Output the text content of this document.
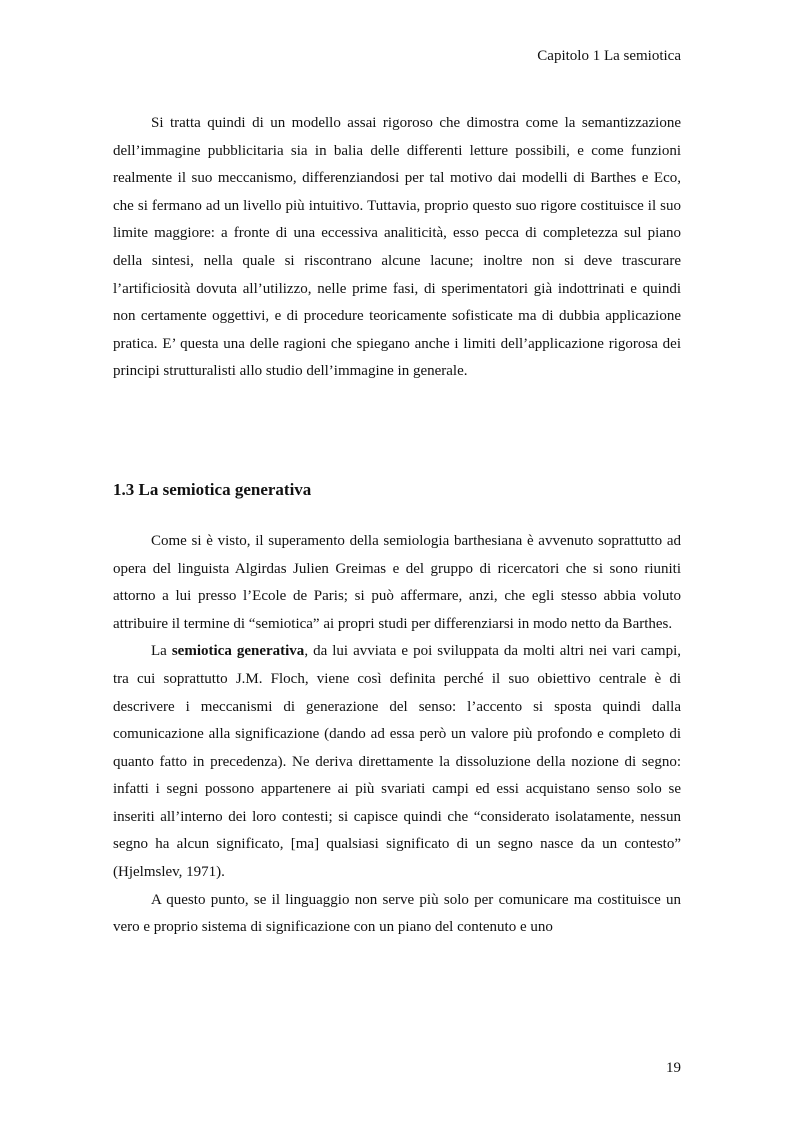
Capitolo 1 La semiotica

Si tratta quindi di un modello assai rigoroso che dimostra come la semantizzazione dell’immagine pubblicitaria sia in balia delle differenti letture possibili, e come funzioni realmente il suo meccanismo, differenziandosi per tal motivo dai modelli di Barthes e Eco, che si fermano ad un livello più intuitivo. Tuttavia, proprio questo suo rigore costituisce il suo limite maggiore: a fronte di una eccessiva analiticità, esso pecca di completezza sul piano della sintesi, nella quale si riscontrano alcune lacune; inoltre non si deve trascurare l’artificiosità dovuta all’utilizzo, nelle prime fasi, di sperimentatori già indottrinati e quindi non certamente oggettivi, e di procedure teoricamente sofisticate ma di dubbia applicazione pratica. E’ questa una delle ragioni che spiegano anche i limiti dell’applicazione rigorosa dei principi strutturalisti allo studio dell’immagine in generale.

1.3 La semiotica generativa

Come si è visto, il superamento della semiologia barthesiana è avvenuto soprattutto ad opera del linguista Algirdas Julien Greimas e del gruppo di ricercatori che si sono riuniti attorno a lui presso l’Ecole de Paris; si può affermare, anzi, che egli stesso abbia voluto attribuire il termine di “semiotica” ai propri studi per differenziarsi in modo netto da Barthes.

La semiotica generativa, da lui avviata e poi sviluppata da molti altri nei vari campi, tra cui soprattutto J.M. Floch, viene così definita perché il suo obiettivo centrale è di descrivere i meccanismi di generazione del senso: l’accento si sposta quindi dalla comunicazione alla significazione (dando ad essa però un valore più profondo e completo di quanto fatto in precedenza). Ne deriva direttamente la dissoluzione della nozione di segno: infatti i segni possono appartenere ai più svariati campi ed essi acquistano senso solo se inseriti all’interno dei loro contesti; si capisce quindi che “considerato isolatamente, nessun segno ha alcun significato, [ma] qualsiasi significato di un segno nasce da un contesto” (Hjelmslev, 1971).

A questo punto, se il linguaggio non serve più solo per comunicare ma costituisce un vero e proprio sistema di significazione con un piano del contenuto e uno

19
